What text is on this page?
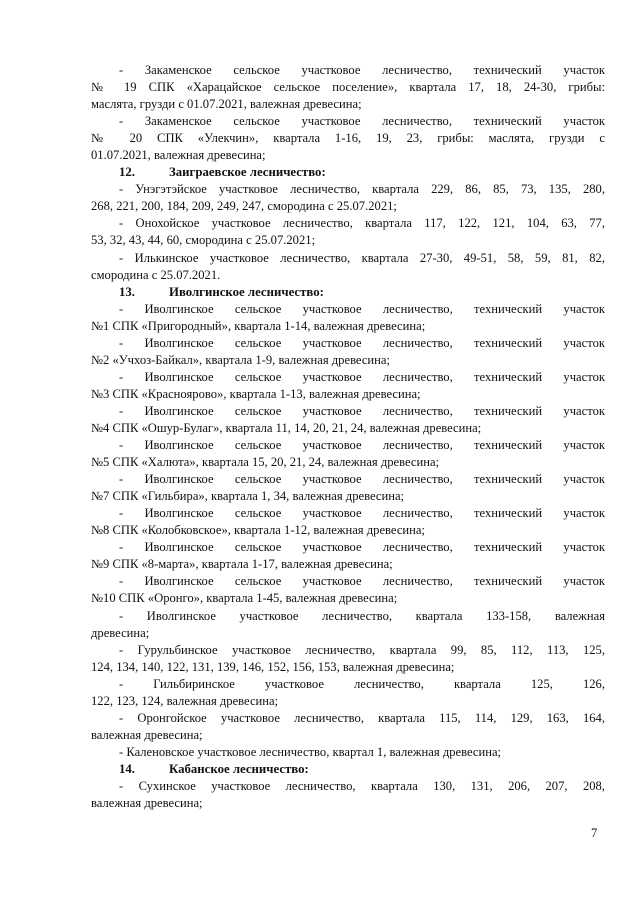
- Закаменское сельское участковое лесничество, технический участок
№ 19 СПК «Харацайское сельское поселение», квартала 17, 18, 24-30, грибы:
маслята, грузди с 01.07.2021, валежная древесина;
- Закаменское сельское участковое лесничество, технический участок
№ 20 СПК «Улекчин», квартала 1-16, 19, 23, грибы: маслята, грузди с
01.07.2021, валежная древесина;
12.	Заиграевское лесничество:
- Унэгэтэйское участковое лесничество, квартала 229, 86, 85, 73, 135, 280,
268, 221, 200, 184, 209, 249, 247, смородина с 25.07.2021;
- Онохойское участковое лесничество, квартала 117, 122, 121, 104, 63, 77,
53, 32, 43, 44, 60, смородина с 25.07.2021;
- Илькинское участковое лесничество, квартала 27-30, 49-51, 58, 59, 81, 82,
смородина с 25.07.2021.
13.	Иволгинское лесничество:
- Иволгинское сельское участковое лесничество, технический участок
№1 СПК «Пригородный», квартала 1-14, валежная древесина;
- Иволгинское сельское участковое лесничество, технический участок
№2 «Учхоз-Байкал», квартала 1-9, валежная древесина;
- Иволгинское сельское участковое лесничество, технический участок
№3 СПК «Красноярово», квартала 1-13, валежная древесина;
- Иволгинское сельское участковое лесничество, технический участок
№4 СПК «Ошур-Булаг», квартала 11, 14, 20, 21, 24, валежная древесина;
- Иволгинское сельское участковое лесничество, технический участок
№5 СПК «Халюта», квартала 15, 20, 21, 24, валежная древесина;
- Иволгинское сельское участковое лесничество, технический участок
№7 СПК «Гильбира», квартала 1, 34, валежная древесина;
- Иволгинское сельское участковое лесничество, технический участок
№8 СПК «Колобковское», квартала 1-12, валежная древесина;
- Иволгинское сельское участковое лесничество, технический участок
№9 СПК «8-марта», квартала 1-17, валежная древесина;
- Иволгинское сельское участковое лесничество, технический участок
№10 СПК «Оронго», квартала 1-45, валежная древесина;
- Иволгинское участковое лесничество, квартала 133-158, валежная
древесина;
- Гурульбинское участковое лесничество, квартала 99, 85, 112, 113, 125,
124, 134, 140, 122, 131, 139, 146, 152, 156, 153, валежная древесина;
- Гильбиринское участковое лесничество, квартала 125, 126,
122, 123, 124, валежная древесина;
- Оронгойское участковое лесничество, квартала 115, 114, 129, 163, 164,
валежная древесина;
- Каленовское участковое лесничество, квартал 1, валежная древесина;
14.	Кабанское лесничество:
- Сухинское участковое лесничество, квартала 130, 131, 206, 207, 208,
валежная древесина;
7
